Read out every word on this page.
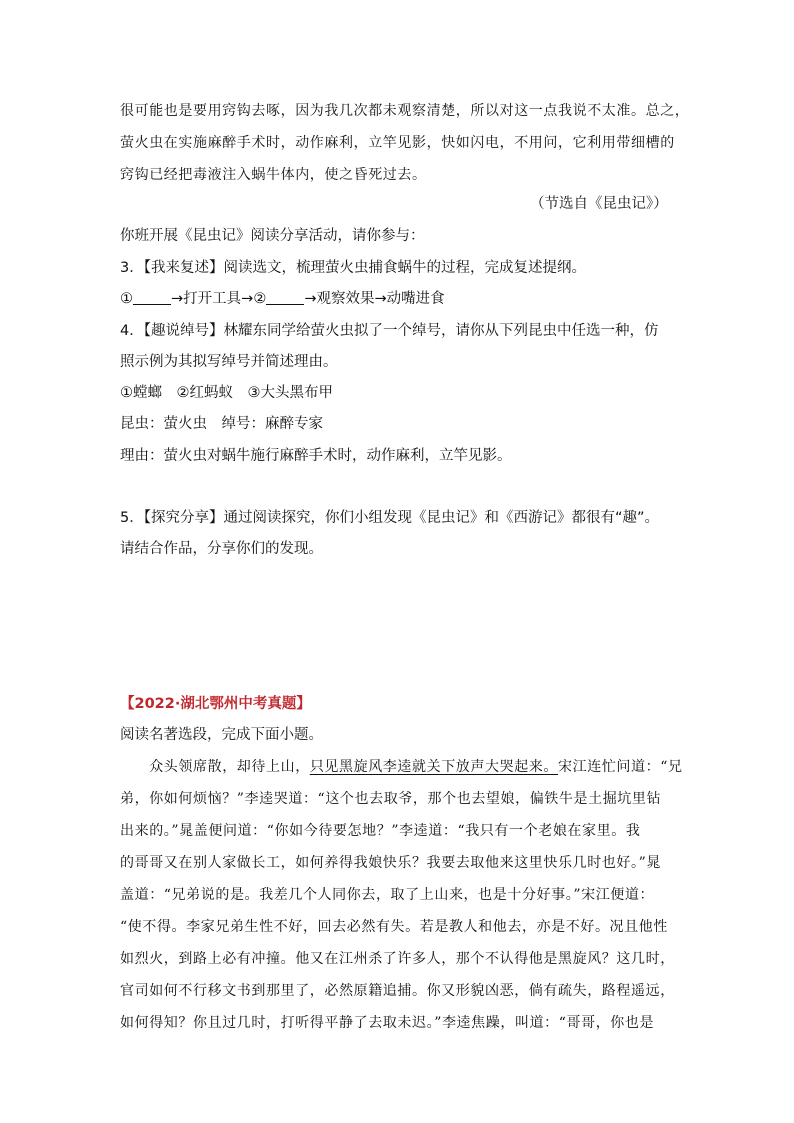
很可能也是要用窍钩去啄，因为我几次都未观察清楚，所以对这一点我说不太准。总之，
萤火虫在实施麻醉手术时，动作麻利，立竿见影，快如闪电，不用问，它利用带细槽的
窍钩已经把毒液注入蜗牛体内，使之昏死过去。
（节选自《昆虫记》）
你班开展《昆虫记》阅读分享活动，请你参与：
3．【我来复述】阅读选文，梳理萤火虫捕食蜗牛的过程，完成复述提纲。
①	→打开工具→②	→观察效果→动嘴进食
4．【趣说绰号】林耀东同学给萤火虫拟了一个绰号，请你从下列昆虫中任选一种，仿
照示例为其拟写绰号并简述理由。
①螳螂　②红蚂蚁　③大头黑布甲
昆虫：萤火虫　绰号：麻醉专家
理由：萤火虫对蜗牛施行麻醉手术时，动作麻利，立竿见影。
5．【探究分享】通过阅读探究，你们小组发现《昆虫记》和《西游记》都很有“趣”。
请结合作品，分享你们的发现。
【2022·湖北鄂州中考真题】
阅读名著选段，完成下面小题。
　　众头领席散，却待上山，只见黑旋风李逵就关下放声大哭起来。宋江连忙问道：“兄
弟，你如何烦恼？”李逵哭道：“这个也去取爷，那个也去望娘，偏铁牛是土掘坑里钻
出来的。”晁盖便问道：“你如今待要怎地？”李逵道：“我只有一个老娘在家里。我
的哥哥又在别人家做长工，如何养得我娘快乐？我要去取他来这里快乐几时也好。”晁
盖道：“兄弟说的是。我差几个人同你去，取了上山来，也是十分好事。”宋江便道：
“使不得。李家兄弟生性不好，回去必然有失。若是教人和他去，亦是不好。况且他性
如烈火，到路上必有冲撞。他又在江州杀了许多人，那个不认得他是黑旋风？这几时，
官司如何不行移文书到那里了，必然原籍追捕。你又形貌凶恶，倘有疏失，路程遥远，
如何得知？你且过几时，打听得平静了去取未迟。”李逵焦躁，叫道：“哥哥，你也是
